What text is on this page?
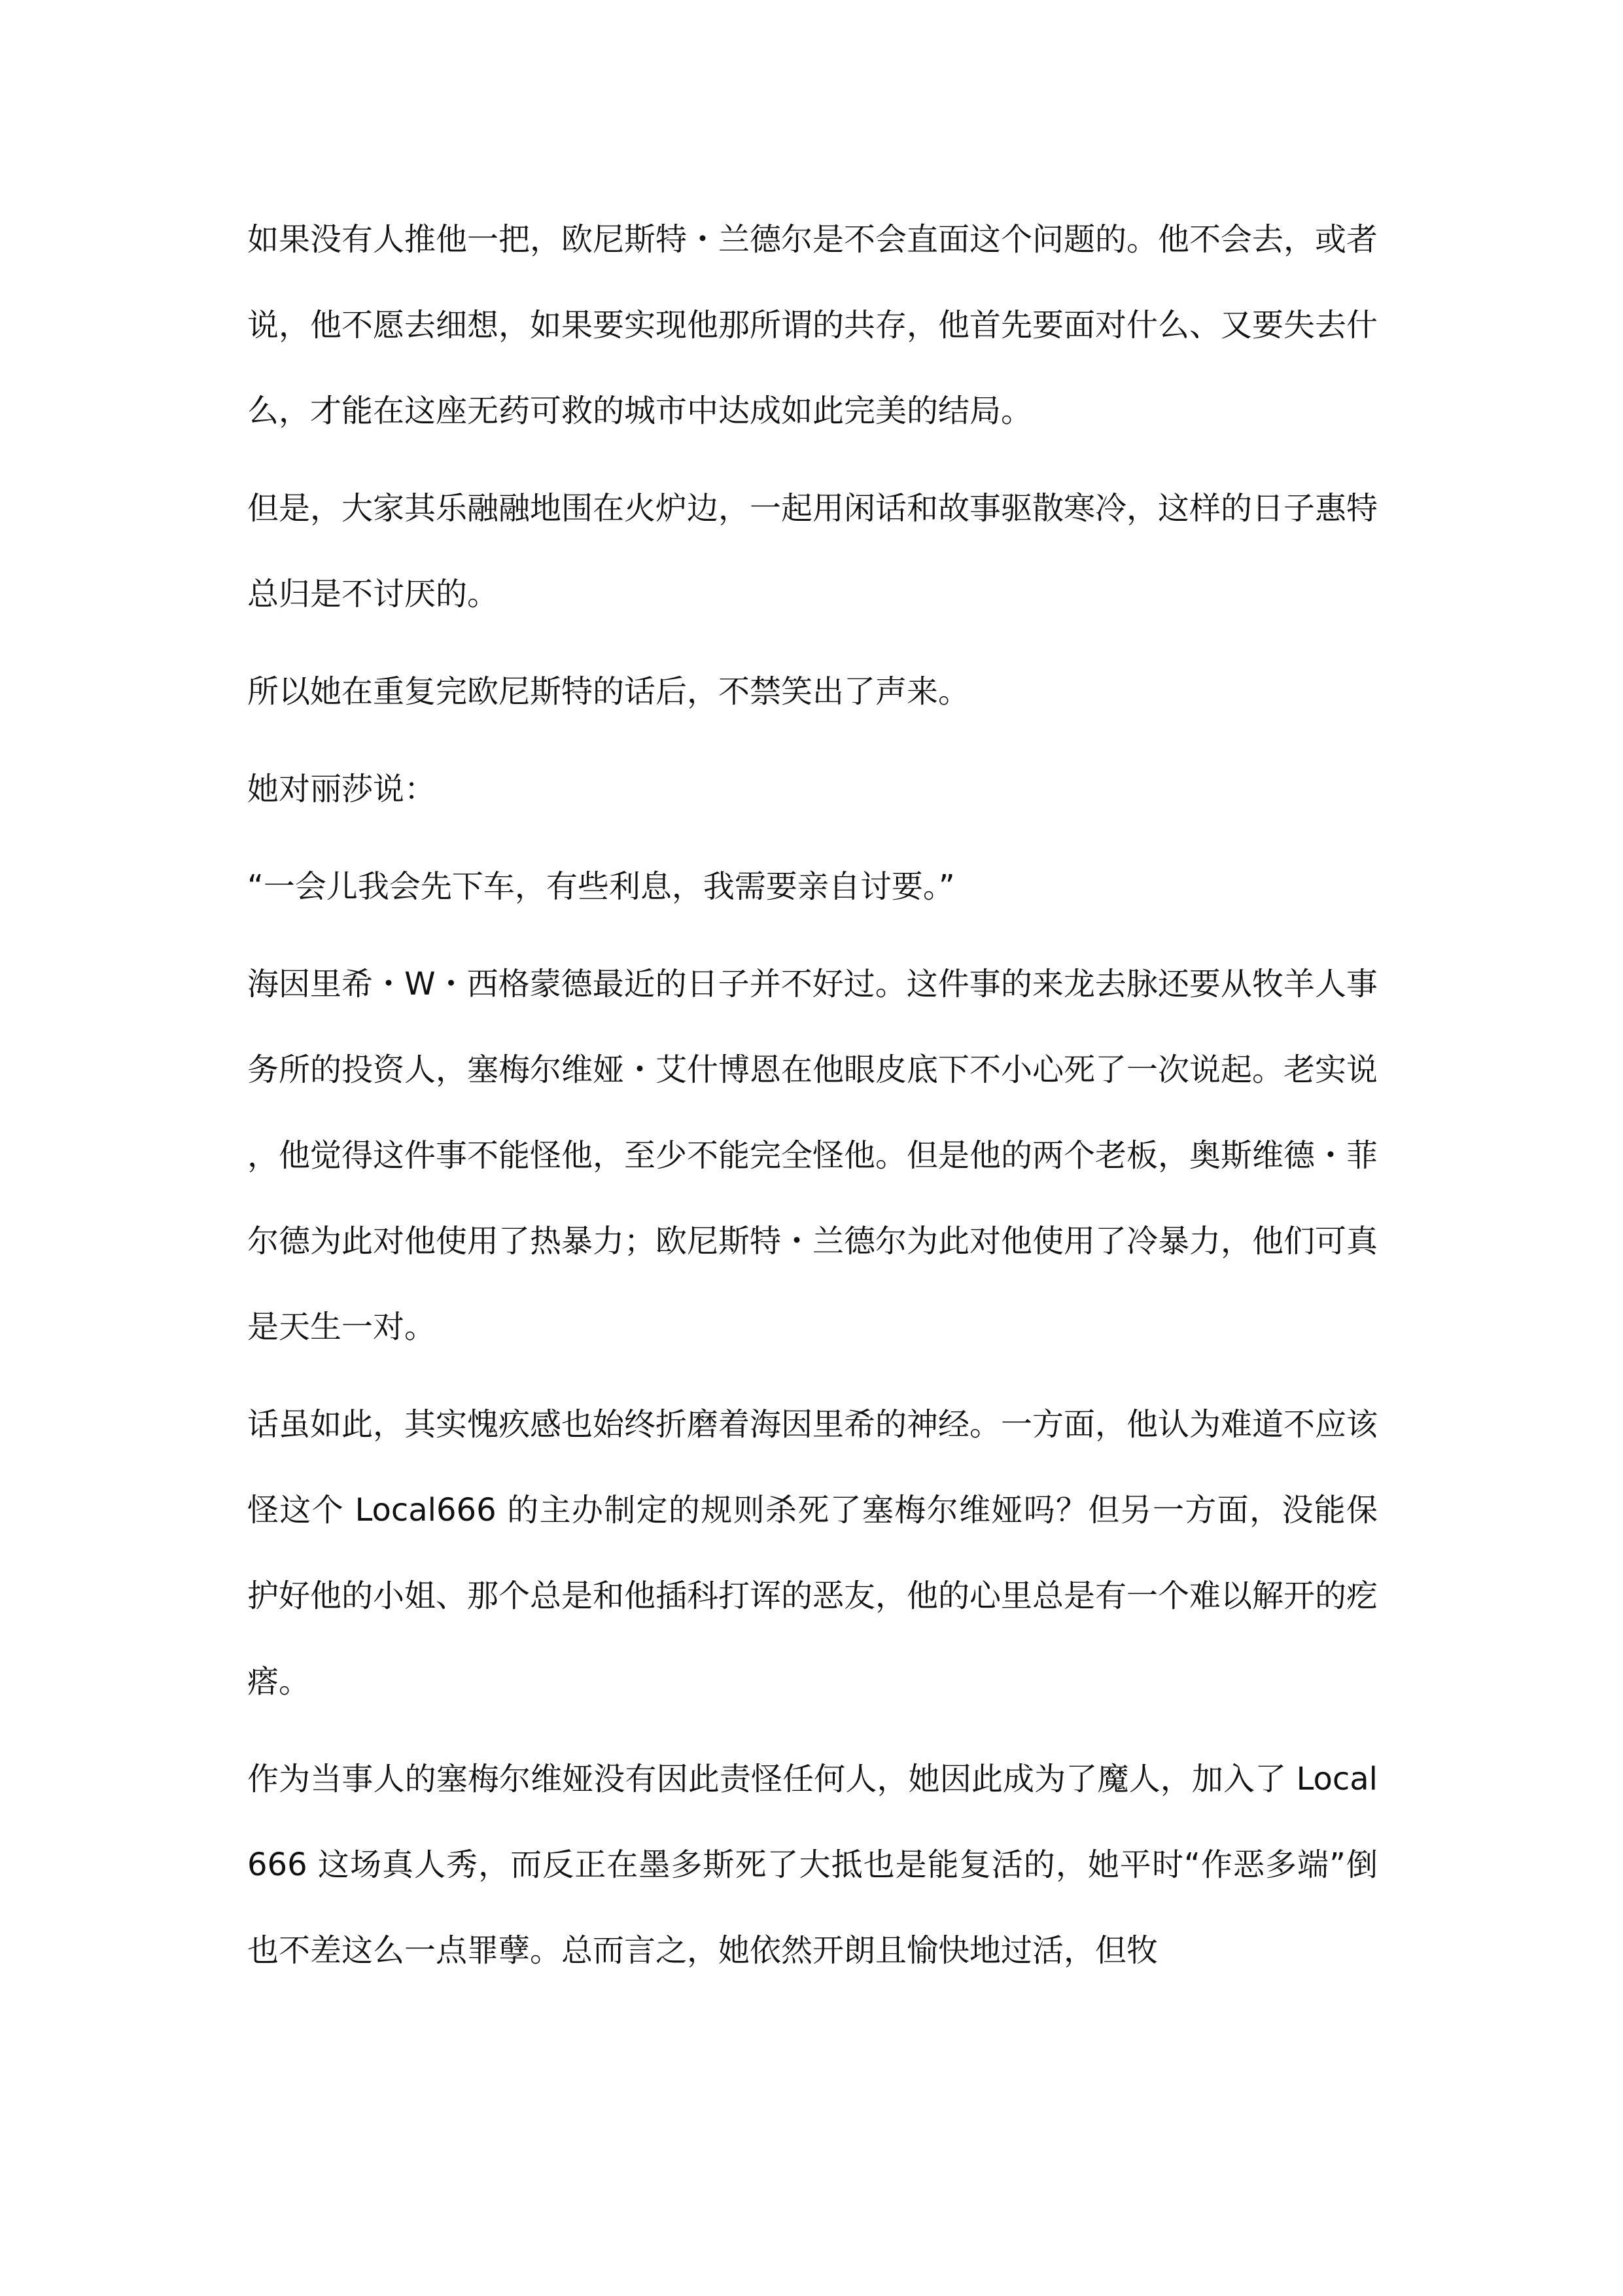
如果没有人推他一把，欧尼斯特・兰德尔是不会直面这个问题的。他不会去，或者说，他不愿去细想，如果要实现他那所谓的共存，他首先要面对什么、又要失去什么，才能在这座无药可救的城市中达成如此完美的结局。

但是，大家其乐融融地围在火炉边，一起用闲话和故事驱散寒冷，这样的日子惠特总归是不讨厌的。

所以她在重复完欧尼斯特的话后，不禁笑出了声来。

她对丽莎说：

“一会儿我会先下车，有些利息，我需要亲自讨要。”

海因里希・W・西格蒙德最近的日子并不好过。这件事的来龙去脉还要从牧羊人事务所的投资人，塞梅尔维娅・艾什博恩在他眼皮底下不小心死了一次说起。老实说，他觉得这件事不能怪他，至少不能完全怪他。但是他的两个老板，奥斯维德・菲尔德为此对他使用了热暴力；欧尼斯特・兰德尔为此对他使用了冷暴力，他们可真是天生一对。

话虽如此，其实愧疚感也始终折磨着海因里希的神经。一方面，他认为难道不应该怪这个 Local666 的主办制定的规则杀死了塞梅尔维娅吗？但另一方面，没能保护好他的小姐、那个总是和他插科打诨的恶友，他的心里总是有一个难以解开的疙瘩。

作为当事人的塞梅尔维娅没有因此责怪任何人，她因此成为了魔人，加入了 Local666 这场真人秀，而反正在墨多斯死了大抵也是能复活的，她平时“作恶多端”倒也不差这么一点罪孽。总而言之，她依然开朗且愉快地过活，但牧
